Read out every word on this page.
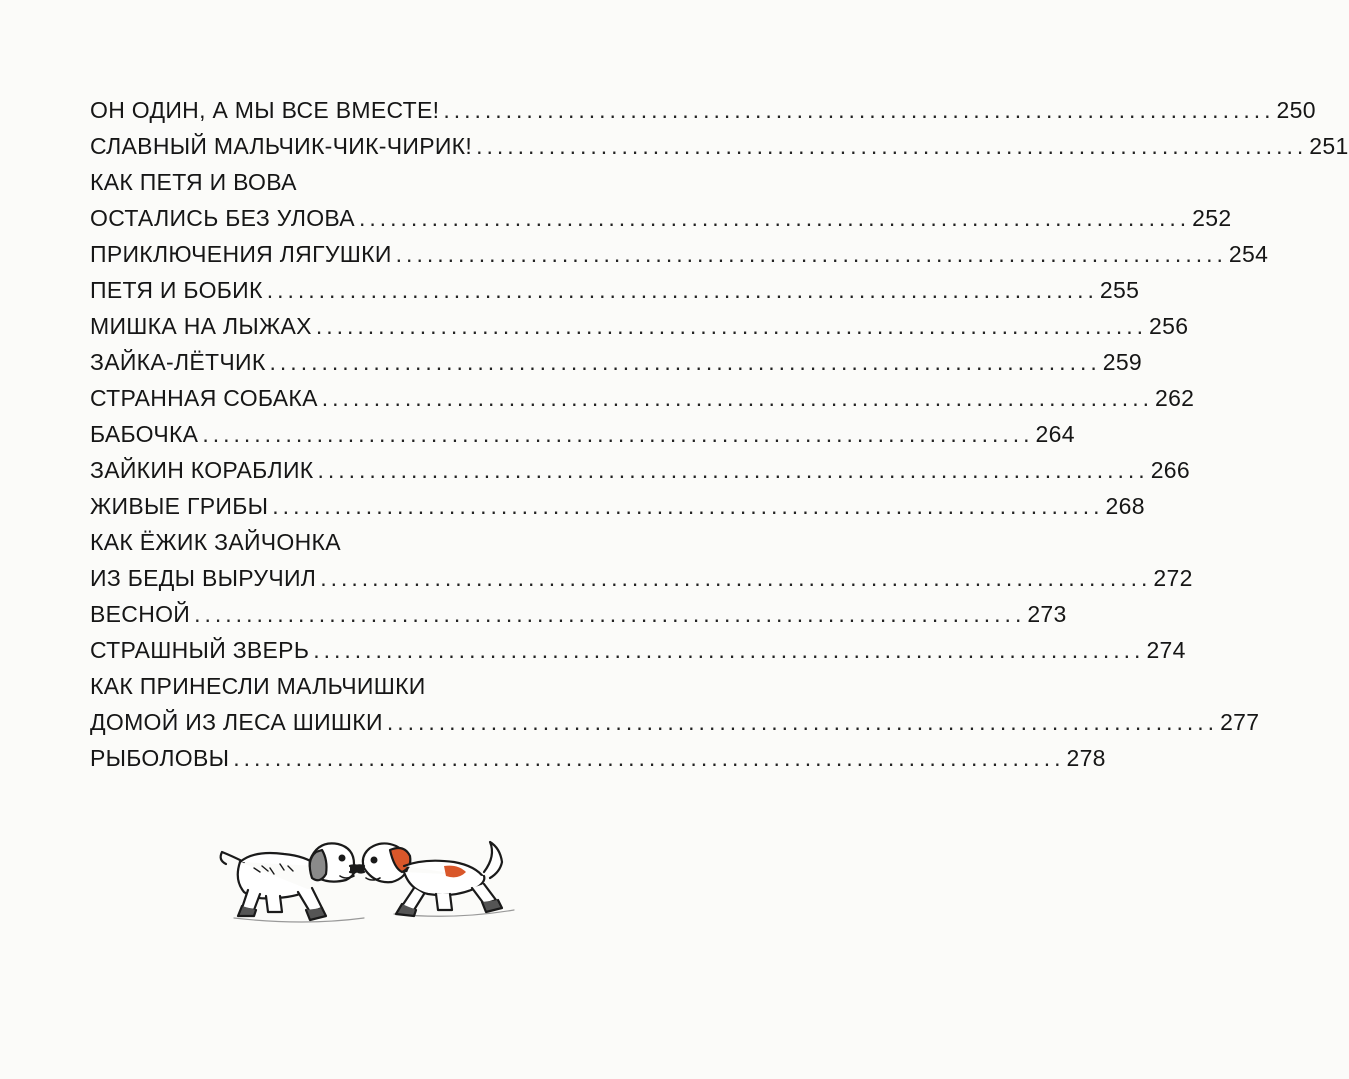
ОН ОДИН, А МЫ ВСЕ ВМЕСТЕ! ................................................................................ 250
СЛАВНЫЙ МАЛЬЧИК-ЧИК-ЧИРИК! ................................................................................ 251
КАК ПЕТЯ И ВОВА
ОСТАЛИСЬ БЕЗ УЛОВА ................................................................................ 252
ПРИКЛЮЧЕНИЯ ЛЯГУШКИ ................................................................................ 254
ПЕТЯ И БОБИК ................................................................................ 255
МИШКА НА ЛЫЖАХ ................................................................................ 256
ЗАЙКА-ЛЁТЧИК ................................................................................ 259
СТРАННАЯ СОБАКА ................................................................................ 262
БАБОЧКА ................................................................................ 264
ЗАЙКИН КОРАБЛИК ................................................................................ 266
ЖИВЫЕ ГРИБЫ ................................................................................ 268
КАК ЁЖИК ЗАЙЧОНКА
ИЗ БЕДЫ ВЫРУЧИЛ ................................................................................ 272
ВЕСНОЙ ................................................................................ 273
СТРАШНЫЙ ЗВЕРЬ ................................................................................ 274
КАК ПРИНЕСЛИ МАЛЬЧИШКИ
ДОМОЙ ИЗ ЛЕСА ШИШКИ ................................................................................ 277
РЫБОЛОВЫ ................................................................................ 278
